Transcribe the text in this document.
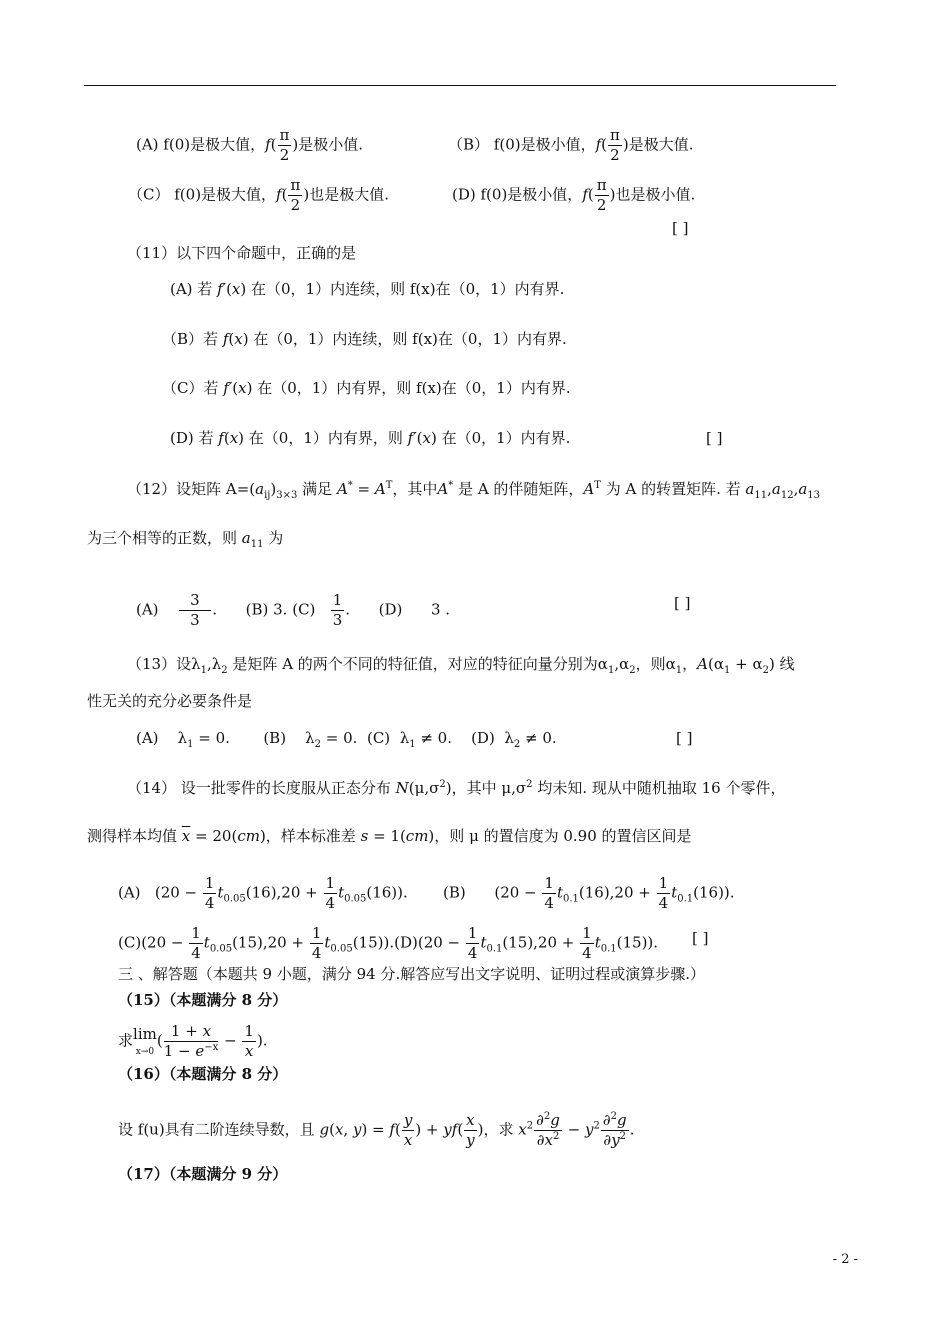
(A) f(0)是极大值，$f( \frac{\pi}{2}$ )是极小值.	（B） f(0)是极小值，$f( \frac{\pi}{2}$ )是极大值.
（C） f(0)是极大值，$f( \frac{\pi}{2}$ )也是极大值.	(D) f(0)是极小值，$f( \frac{\pi}{2}$ )也是极小值.
[ ]
（11）以下四个命题中，正确的是
(A) 若 f′(x) 在（0，1）内连续，则 f(x)在（0，1）内有界.
（B）若 f(x) 在（0，1）内连续，则 f(x)在（0，1）内有界.
（C）若 f′(x) 在（0，1）内有界，则 f(x)在（0，1）内有界.
(D) 若 f(x) 在（0，1）内有界，则 f′(x) 在（0，1）内有界.	[ ]
（12）设矩阵 $A=(a_{ij})_{3\times 3}$ 满足 $A^* = A^T$，其中A* 是 A 的伴随矩阵，$A^T$ 为 A 的转置矩阵. 若 $a_{11},a_{12},a_{13}$
为三个相等的正数，则 $a_{11}$ 为
$(A) \frac{3}{3}$ .      (B) 3. $(C) \frac{1}{3}$ .      (D)      3 .	[ ]
（13）设$\lambda_1,\lambda_2$ 是矩阵 A 的两个不同的特征值，对应的特征向量分别为$\alpha_1,\alpha_2$，则$\alpha_1$，$A(\alpha_1 + \alpha_2)$ 线
性无关的充分必要条件是
(A)    $\lambda_1 = 0$.       (B)    $\lambda_2 = 0$.  (C)  $\lambda_1 \ne 0$.    (D)  $\lambda_2 \ne 0$.	[ ]
（14） 设一批零件的长度服从正态分布 $N(\mu,\sigma^2)$，其中 $\mu,\sigma^2$ 均未知. 现从中随机抽取 16 个零件，
测得样本均值 $\overline{x} = 20(cm)$，样本标准差 s = 1(cm)，则 μ 的置信度为 0.90 的置信区间是
(A)   $(20 - \frac{1}{4} t_{0.05}(16),20 + \frac{1}{4} t_{0.05}(16))$. (B)      $(20 - \frac{1}{4} t_{0.1}(16),20 + \frac{1}{4} t_{0.1}(16))$.
$(C)(20 - \frac{1}{4} t_{0.05}(15),20 + \frac{1}{4} t_{0.05}(15)).(D)(20 - \frac{1}{4} t_{0.1}(15),20 + \frac{1}{4} t_{0.1}(15))$. [ ]
三 、解答题（本题共 9 小题，满分 94 分.解答应写出文字说明、证明过程或演算步骤.）
（15）（本题满分 8 分）
求lim
$x\to 0( \frac{1 + x}{1 - e^{-x}} - \frac{1}{x}$ ).
（16）（本题满分 8 分）
设 f(u)具有二阶连续导数，且 g(x, $y) = f( \frac{y}{x}$ ) + $yf( \frac{x}{y}$ )，求 $x^2 \frac{\partial^2g}{\partial x^2} - y^2 \frac{\partial^2g}{\partial y^2}$ .
（17）（本题满分 9 分）
- 2 -
